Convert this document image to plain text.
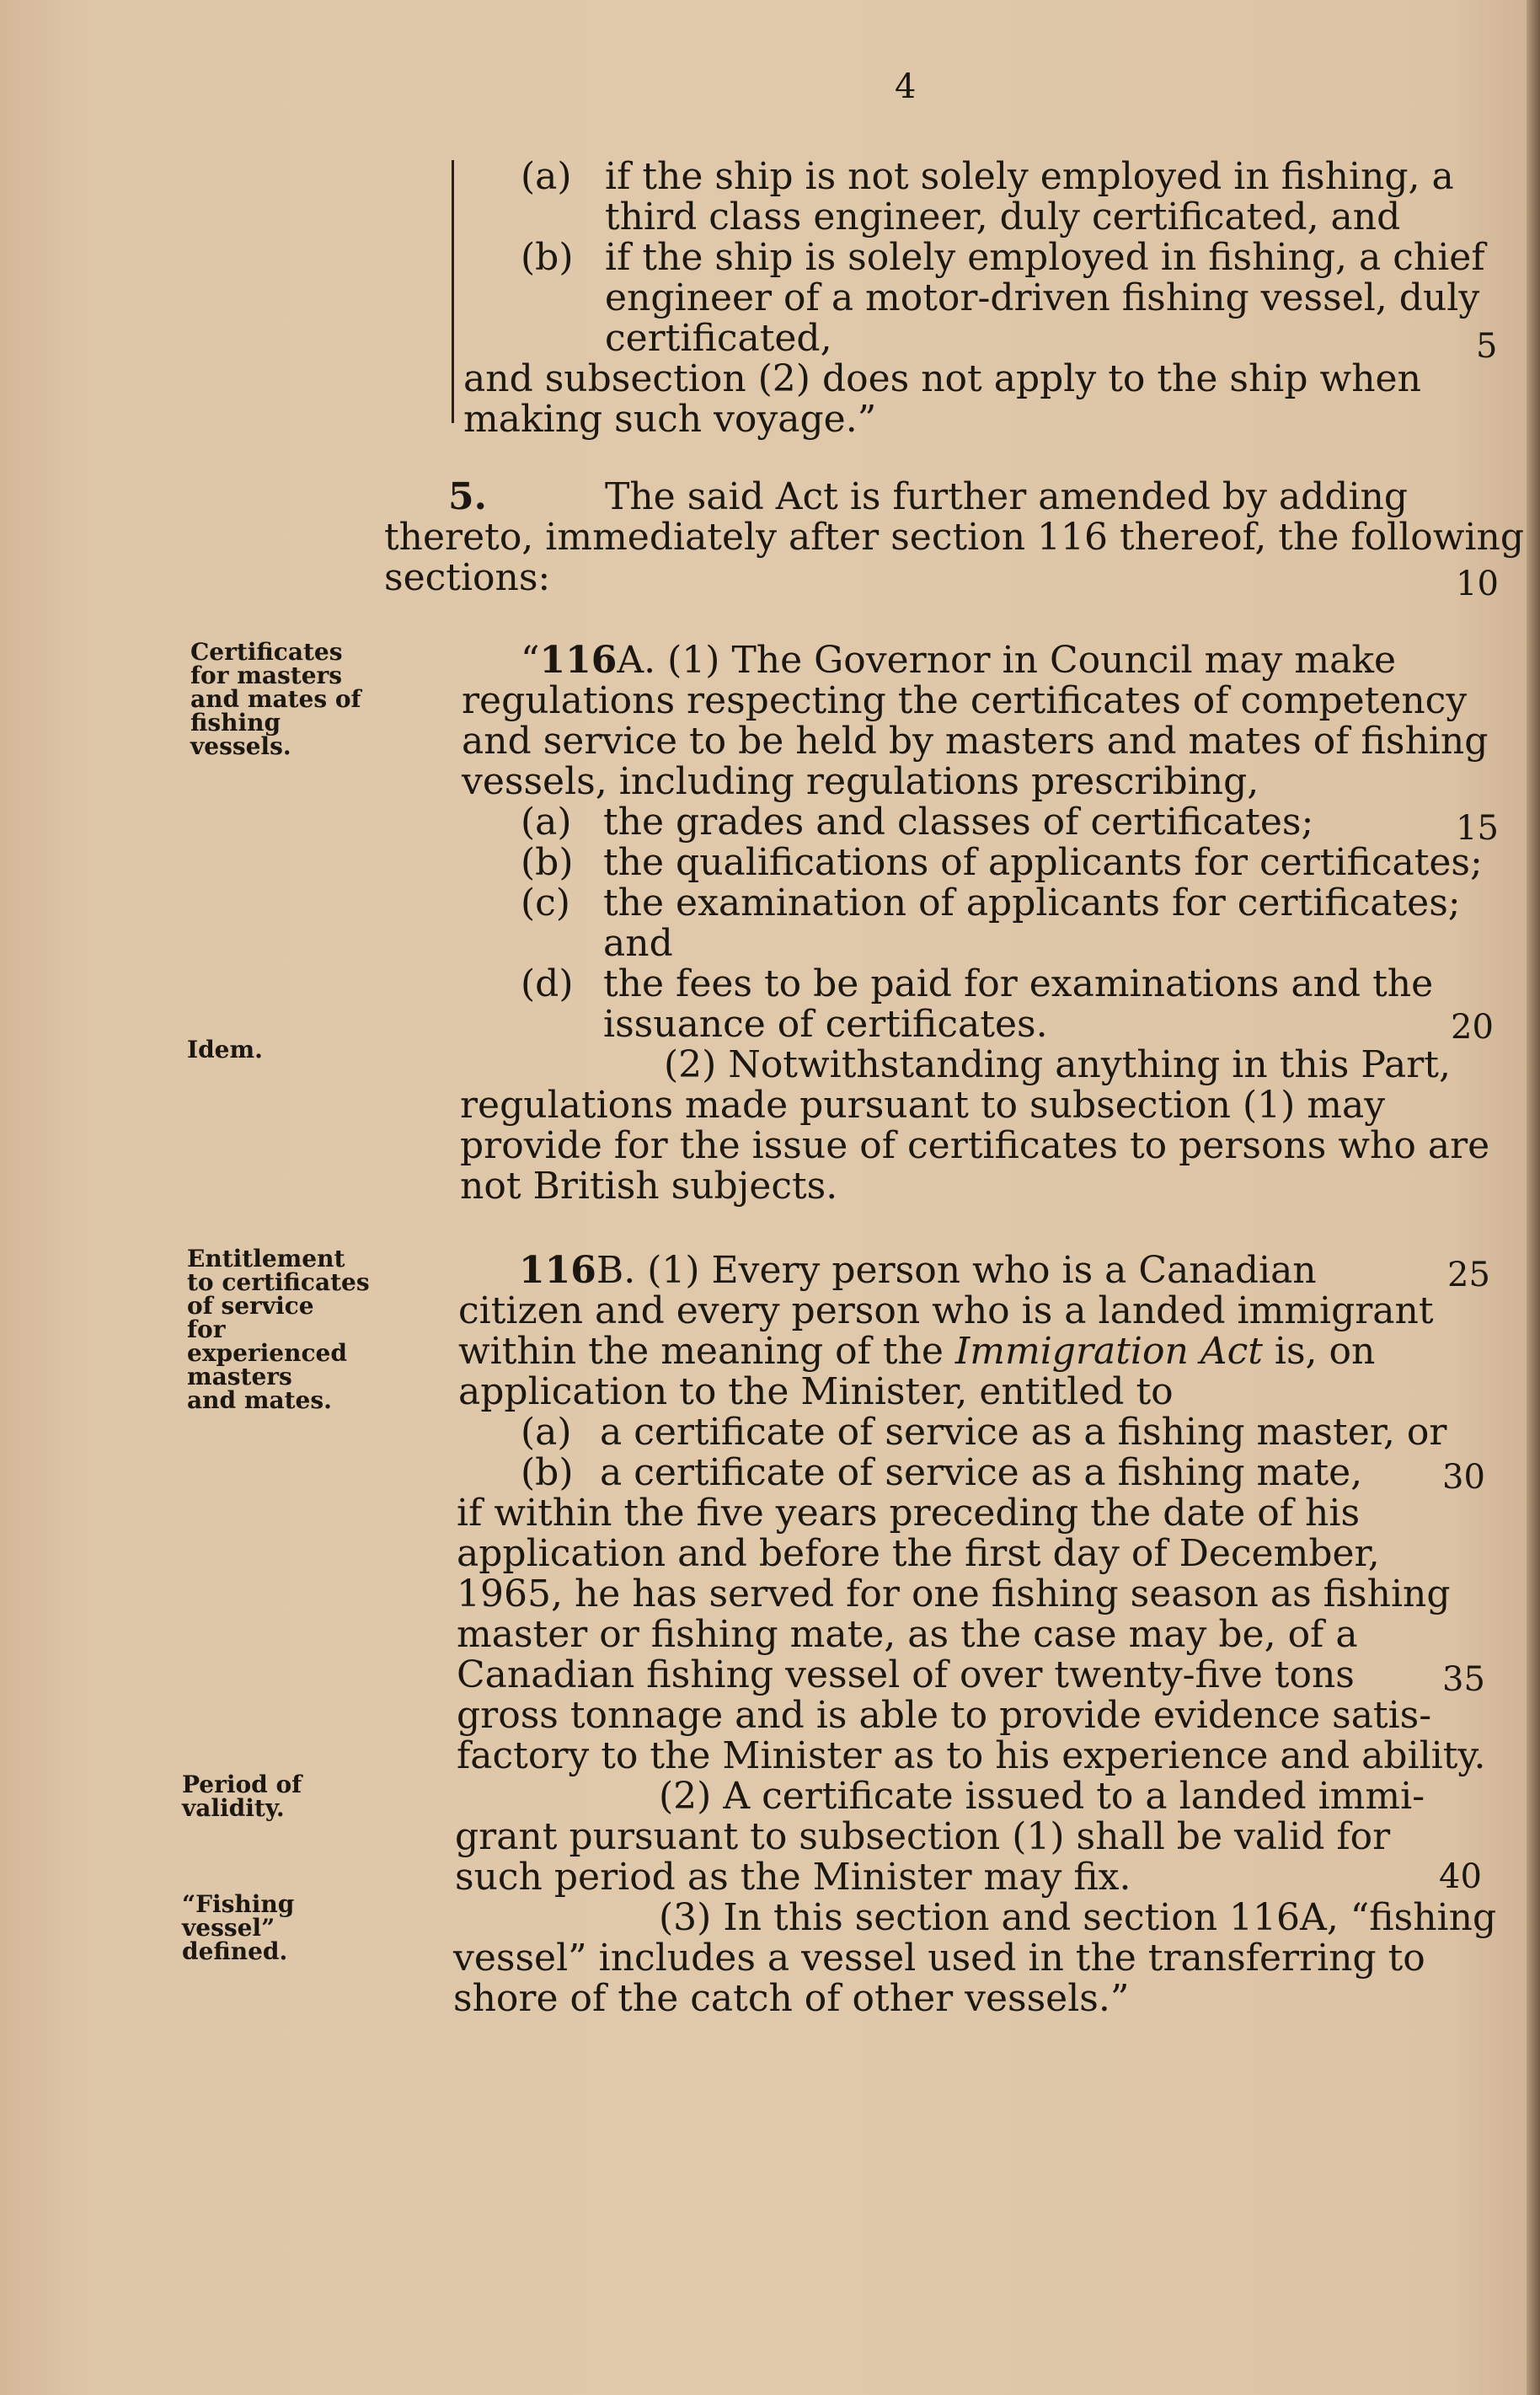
4
(a) if the ship is not solely employed in fishing, a
third class engineer, duly certificated, and
(b) if the ship is solely employed in fishing, a chief
engineer of a motor-driven fishing vessel, duly
certificated,
and subsection (2) does not apply to the ship when
making such voyage.”
5
5.	The said Act is further amended by adding
thereto, immediately after section 116 thereof, the following
sections:	10
Certificates
for masters
and mates of
fishing
vessels.
“116A. (1) The Governor in Council may make
regulations respecting the certificates of competency
and service to be held by masters and mates of fishing
vessels, including regulations prescribing,
(a) the grades and classes of certificates;	15
(b) the qualifications of applicants for certificates;
(c) the examination of applicants for certificates;
and
(d) the fees to be paid for examinations and the
issuance of certificates.	20
Idem.	(2) Notwithstanding anything in this Part,
regulations made pursuant to subsection (1) may
provide for the issue of certificates to persons who are
not British subjects.
Entitlement
to certificates
of service
for
experienced
masters
and mates.
116B. (1) Every person who is a Canadian	25
citizen and every person who is a landed immigrant
within the meaning of the Immigration Act is, on
application to the Minister, entitled to
(a) a certificate of service as a fishing master, or
(b) a certificate of service as a fishing mate, 30
if within the five years preceding the date of his
application and before the first day of December,
1965, he has served for one fishing season as fishing
master or fishing mate, as the case may be, of a
Canadian fishing vessel of over twenty-five tons	35
gross tonnage and is able to provide evidence satis-
factory to the Minister as to his experience and ability.
Period of
validity.	(2) A certificate issued to a landed immi-
grant pursuant to subsection (1) shall be valid for
such period as the Minister may fix.	40
“Fishing
vessel”
defined.
(3) In this section and section 116A, “fishing
vessel” includes a vessel used in the transferring to
shore of the catch of other vessels.”
